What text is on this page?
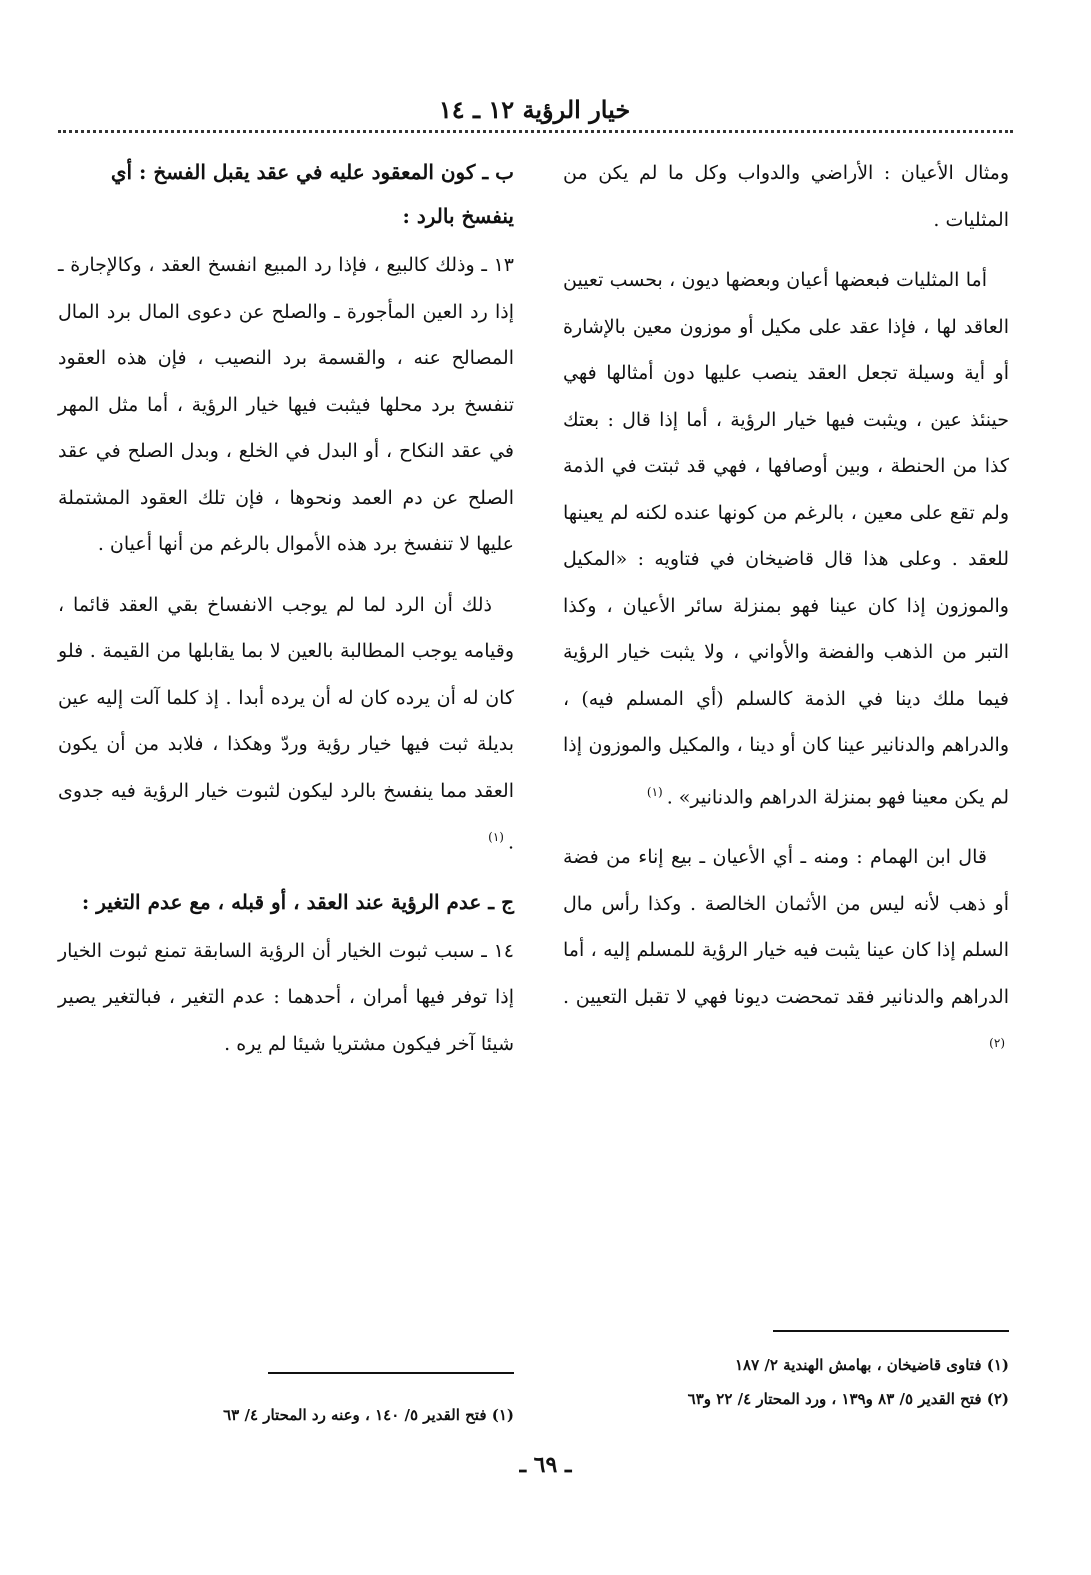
خيار الرؤية ١٢ ـ ١٤

ومثال الأعيان : الأراضي والدواب وكل ما لم يكن من المثليات .

أما المثليات فبعضها أعيان وبعضها ديون ، بحسب تعيين العاقد لها ، فإذا عقد على مكيل أو موزون معين بالإشارة أو أية وسيلة تجعل العقد ينصب عليها دون أمثالها فهي حينئذ عين ، ويثبت فيها خيار الرؤية ، أما إذا قال : بعتك كذا من الحنطة ، وبين أوصافها ، فهي قد ثبتت في الذمة ولم تقع على معين ، بالرغم من كونها عنده لكنه لم يعينها للعقد . وعلى هذا قال قاضيخان في فتاويه : «المكيل والموزون إذا كان عينا فهو بمنزلة سائر الأعيان ، وكذا التبر من الذهب والفضة والأواني ، ولا يثبت خيار الرؤية فيما ملك دينا في الذمة كالسلم (أي المسلم فيه) ، والدراهم والدنانير عينا كان أو دينا ، والمكيل والموزون إذا لم يكن معينا فهو بمنزلة الدراهم والدنانير» .$^{(١)}$

قال ابن الهمام : ومنه ـ أي الأعيان ـ بيع إناء من فضة أو ذهب لأنه ليس من الأثمان الخالصة . وكذا رأس مال السلم إذا كان عينا يثبت فيه خيار الرؤية للمسلم إليه ، أما الدراهم والدنانير فقد تمحضت ديونا فهي لا تقبل التعيين .$^{(٢)}$

ب ـ كون المعقود عليه في عقد يقبل الفسخ : أي ينفسخ بالرد :

١٣ ـ وذلك كالبيع ، فإذا رد المبيع انفسخ العقد ، وكالإجارة ـ إذا رد العين المأجورة ـ والصلح عن دعوى المال برد المال المصالح عنه ، والقسمة برد النصيب ، فإن هذه العقود تنفسخ برد محلها فيثبت فيها خيار الرؤية ، أما مثل المهر في عقد النكاح ، أو البدل في الخلع ، وبدل الصلح في عقد الصلح عن دم العمد ونحوها ، فإن تلك العقود المشتملة عليها لا تنفسخ برد هذه الأموال بالرغم من أنها أعيان .

ذلك أن الرد لما لم يوجب الانفساخ بقي العقد قائما ، وقيامه يوجب المطالبة بالعين لا بما يقابلها من القيمة . فلو كان له أن يرده كان له أن يرده أبدا . إذ كلما آلت إليه عين بديلة ثبت فيها خيار رؤية وردّ وهكذا ، فلابد من أن يكون العقد مما ينفسخ بالرد ليكون لثبوت خيار الرؤية فيه جدوى .$^{(١)}$

ج ـ عدم الرؤية عند العقد ، أو قبله ، مع عدم التغير :

١٤ ـ سبب ثبوت الخيار أن الرؤية السابقة تمنع ثبوت الخيار إذا توفر فيها أمران ، أحدهما : عدم التغير ، فبالتغير يصير شيئا آخر فيكون مشتريا شيئا لم يره .

(١) فتاوى قاضيخان ، بهامش الهندية ٢/ ١٨٧
(٢) فتح القدير ٥/ ٨٣ و١٣٩ ، ورد المحتار ٤/ ٢٢ و٦٣
(١) فتح القدير ٥/ ١٤٠ ، وعنه رد المحتار ٤/ ٦٣
ـ ٦٩ ـ
